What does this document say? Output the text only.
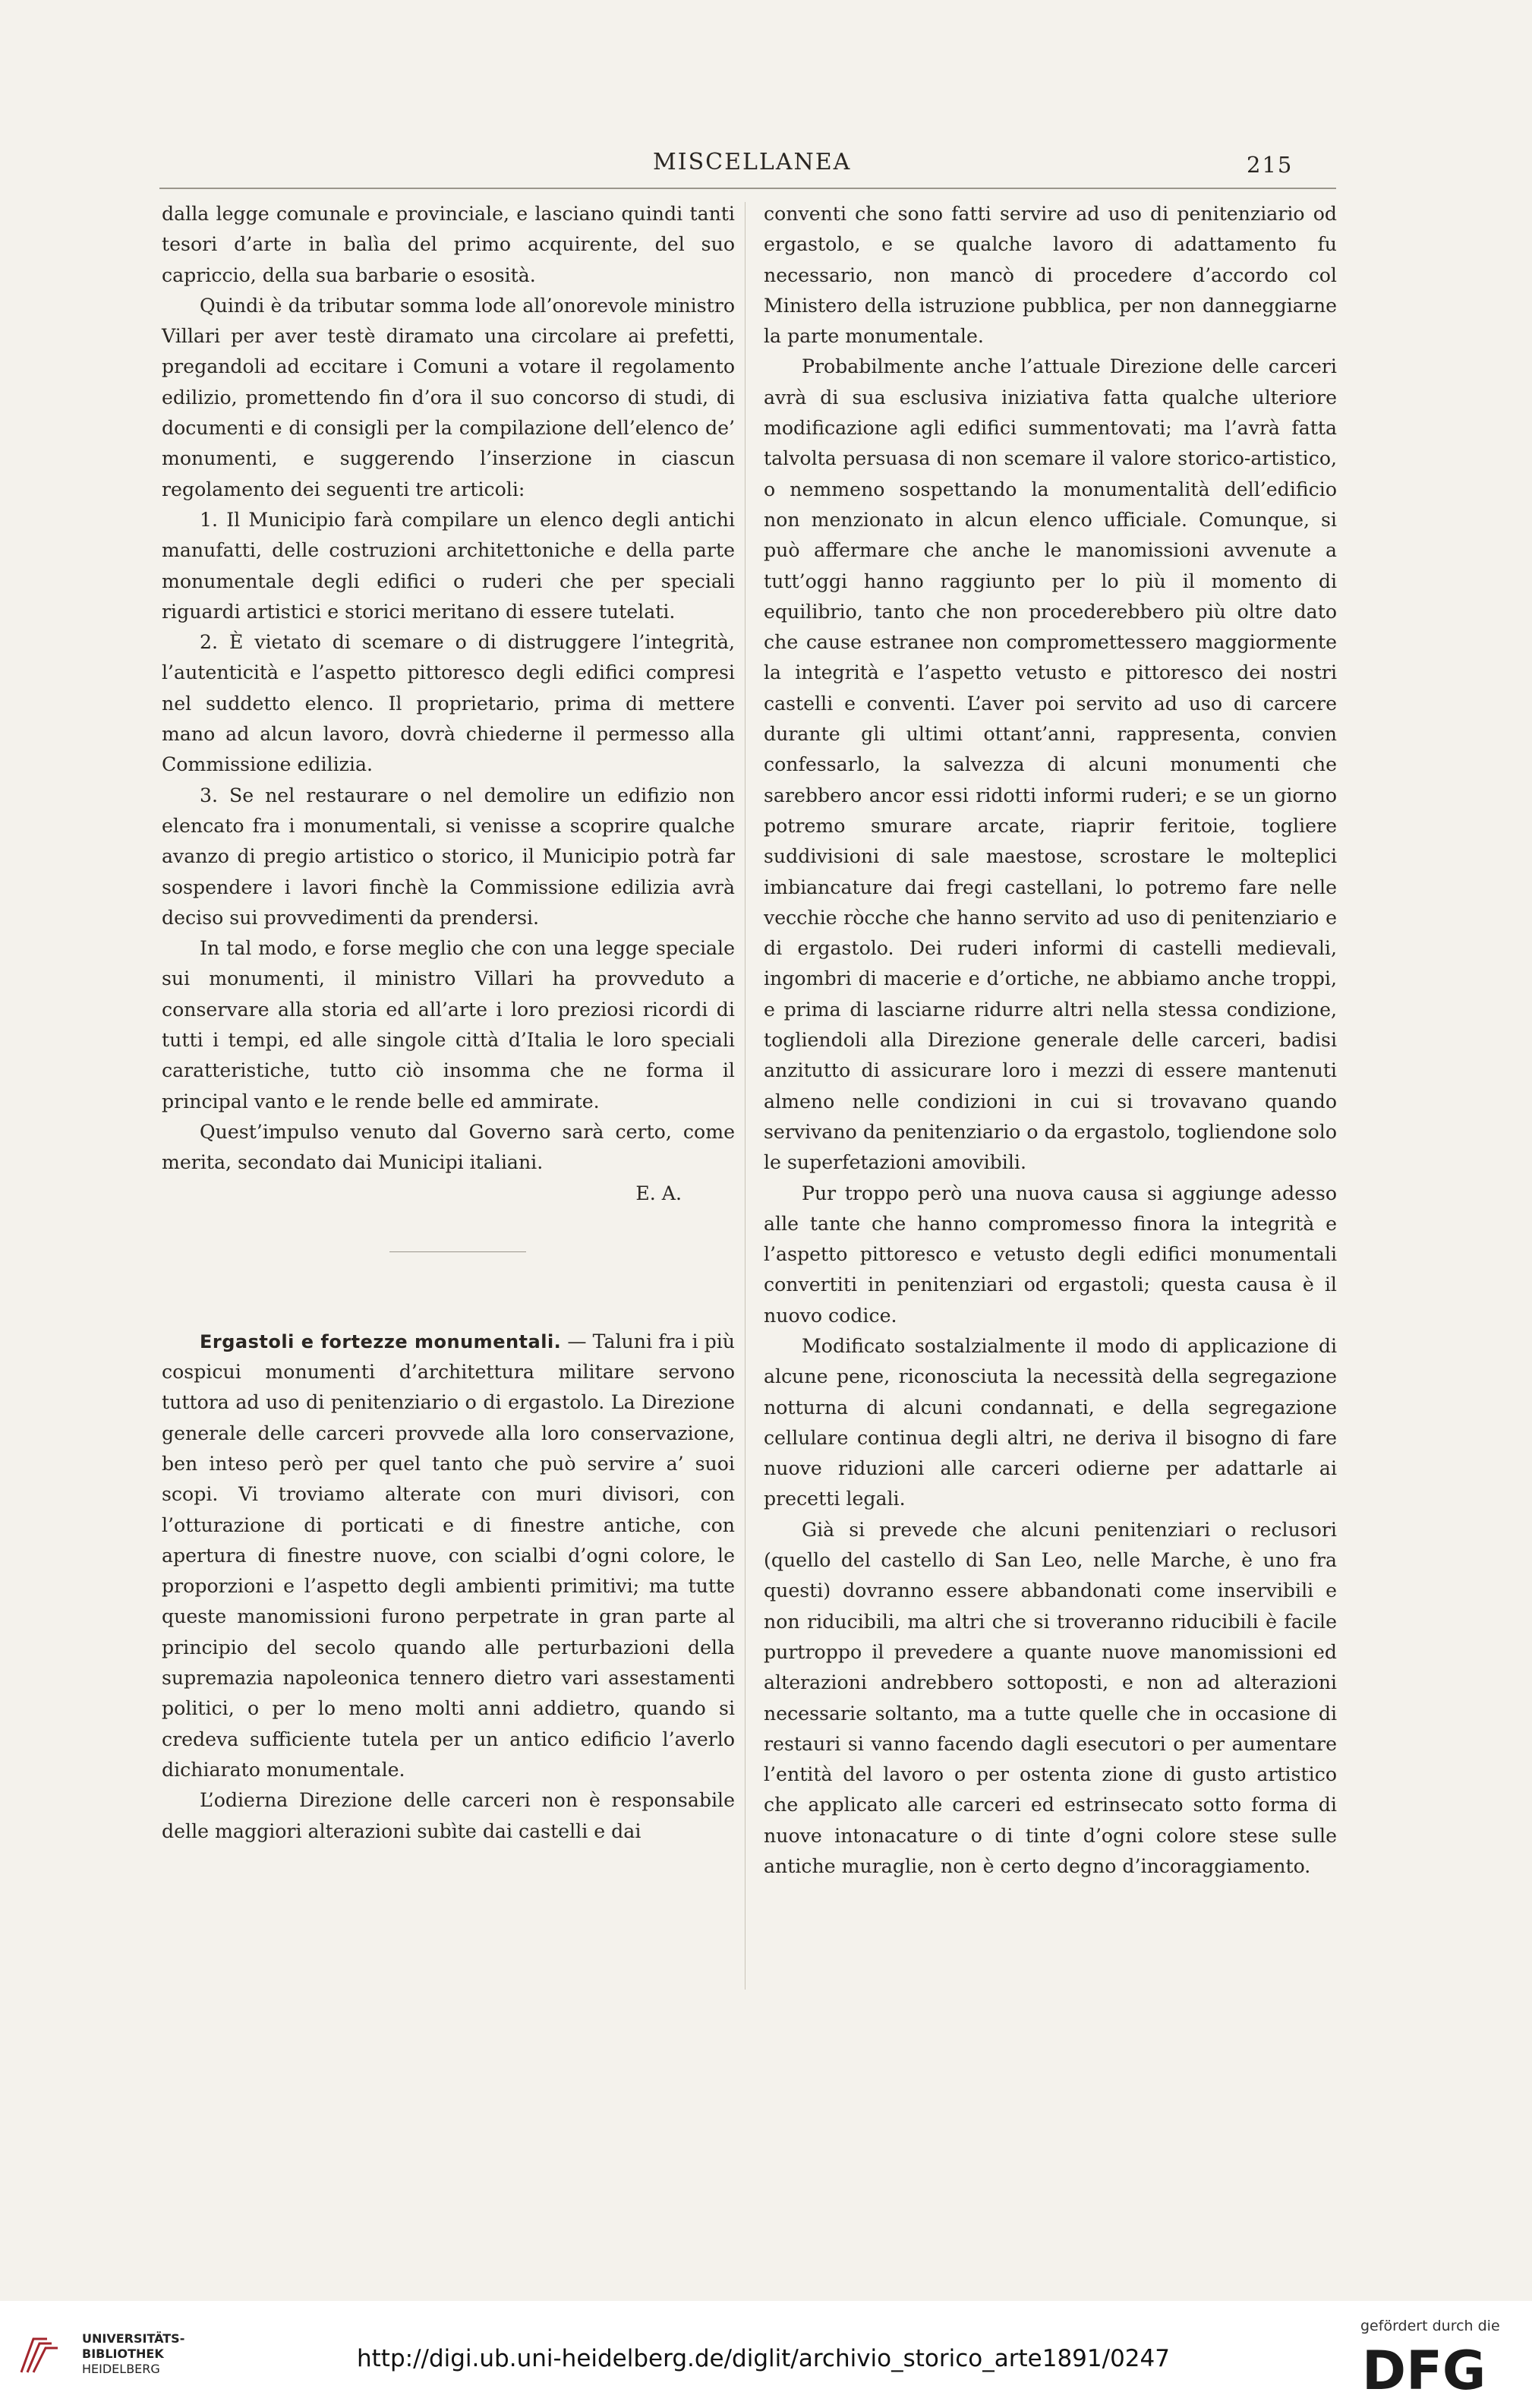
MISCELLANEA	215

dalla legge comunale e provinciale, e lasciano quindi tanti tesori d’arte in balìa del primo acquirente, del suo capriccio, della sua barbarie o esosità.

Quindi è da tributar somma lode all’onorevole ministro Villari per aver testè diramato una circolare ai prefetti, pregandoli ad eccitare i Comuni a votare il regolamento edilizio, promettendo fin d’ora il suo concorso di studi, di documenti e di consigli per la compilazione dell’elenco de’ monumenti, e suggerendo l’inserzione in ciascun regolamento dei seguenti tre articoli:

1. Il Municipio farà compilare un elenco degli antichi manufatti, delle costruzioni architettoniche e della parte monumentale degli edifici o ruderi che per speciali riguardi artistici e storici meritano di essere tutelati.

2. È vietato di scemare o di distruggere l’integrità, l’autenticità e l’aspetto pittoresco degli edifici compresi nel suddetto elenco. Il proprietario, prima di mettere mano ad alcun lavoro, dovrà chiederne il permesso alla Commissione edilizia.

3. Se nel restaurare o nel demolire un edifizio non elencato fra i monumentali, si venisse a scoprire qualche avanzo di pregio artistico o storico, il Municipio potrà far sospendere i lavori finchè la Commissione edilizia avrà deciso sui provvedimenti da prendersi.

In tal modo, e forse meglio che con una legge speciale sui monumenti, il ministro Villari ha provveduto a conservare alla storia ed all’arte i loro preziosi ricordi di tutti i tempi, ed alle singole città d’Italia le loro speciali caratteristiche, tutto ciò insomma che ne forma il principal vanto e le rende belle ed ammirate.

Quest’impulso venuto dal Governo sarà certo, come merita, secondato dai Municipi italiani.

E. A.

Ergastoli e fortezze monumentali. — Taluni fra i più cospicui monumenti d’architettura militare servono tuttora ad uso di penitenziario o di ergastolo. La Direzione generale delle carceri provvede alla loro conservazione, ben inteso però per quel tanto che può servire a’ suoi scopi. Vi troviamo alterate con muri divisori, con l’otturazione di porticati e di finestre antiche, con apertura di finestre nuove, con scialbi d’ogni colore, le proporzioni e l’aspetto degli ambienti primitivi; ma tutte queste manomissioni furono perpetrate in gran parte al principio del secolo quando alle perturbazioni della supremazia napoleonica tennero dietro vari assestamenti politici, o per lo meno molti anni addietro, quando si credeva sufficiente tutela per un antico edificio l’averlo dichiarato monumentale.

L’odierna Direzione delle carceri non è responsabile delle maggiori alterazioni subìte dai castelli e dai

conventi che sono fatti servire ad uso di penitenziario od ergastolo, e se qualche lavoro di adattamento fu necessario, non mancò di procedere d’accordo col Ministero della istruzione pubblica, per non danneggiarne la parte monumentale.

Probabilmente anche l’attuale Direzione delle carceri avrà di sua esclusiva iniziativa fatta qualche ulteriore modificazione agli edifici summentovati; ma l’avrà fatta talvolta persuasa di non scemare il valore storico-artistico, o nemmeno sospettando la monumentalità dell’edificio non menzionato in alcun elenco ufficiale. Comunque, si può affermare che anche le manomissioni avvenute a tutt’oggi hanno raggiunto per lo più il momento di equilibrio, tanto che non procederebbero più oltre dato che cause estranee non compromettessero maggiormente la integrità e l’aspetto vetusto e pittoresco dei nostri castelli e conventi. L’aver poi servito ad uso di carcere durante gli ultimi ottant’anni, rappresenta, convien confessarlo, la salvezza di alcuni monumenti che sarebbero ancor essi ridotti informi ruderi; e se un giorno potremo smurare arcate, riaprir feritoie, togliere suddivisioni di sale maestose, scrostare le molteplici imbiancature dai fregi castellani, lo potremo fare nelle vecchie ròcche che hanno servito ad uso di penitenziario e di ergastolo. Dei ruderi informi di castelli medievali, ingombri di macerie e d’ortiche, ne abbiamo anche troppi, e prima di lasciarne ridurre altri nella stessa condizione, togliendoli alla Direzione generale delle carceri, badisi anzitutto di assicurare loro i mezzi di essere mantenuti almeno nelle condizioni in cui si trovavano quando servivano da penitenziario o da ergastolo, togliendone solo le superfetazioni amovibili.

Pur troppo però una nuova causa si aggiunge adesso alle tante che hanno compromesso finora la integrità e l’aspetto pittoresco e vetusto degli edifici monumentali convertiti in penitenziari od ergastoli; questa causa è il nuovo codice.

Modificato sostalzialmente il modo di applicazione di alcune pene, riconosciuta la necessità della segregazione notturna di alcuni condannati, e della segregazione cellulare continua degli altri, ne deriva il bisogno di fare nuove riduzioni alle carceri odierne per adattarle ai precetti legali.

Già si prevede che alcuni penitenziari o reclusori (quello del castello di San Leo, nelle Marche, è uno fra questi) dovranno essere abbandonati come inservibili e non riducibili, ma altri che si troveranno riducibili è facile purtroppo il prevedere a quante nuove manomissioni ed alterazioni andrebbero sottoposti, e non ad alterazioni necessarie soltanto, ma a tutte quelle che in occasione di restauri si vanno facendo dagli esecutori o per aumentare l’entità del lavoro o per ostenta zione di gusto artistico che applicato alle carceri ed estrinsecato sotto forma di nuove intonacature o di tinte d’ogni colore stese sulle antiche muraglie, non è certo degno d’incoraggiamento.

UNIVERSITÄTS-
BIBLIOTHEK
HEIDELBERG	http://digi.ub.uni-heidelberg.de/diglit/archivio_storico_arte1891/0247
gefördert durch die
DFG
